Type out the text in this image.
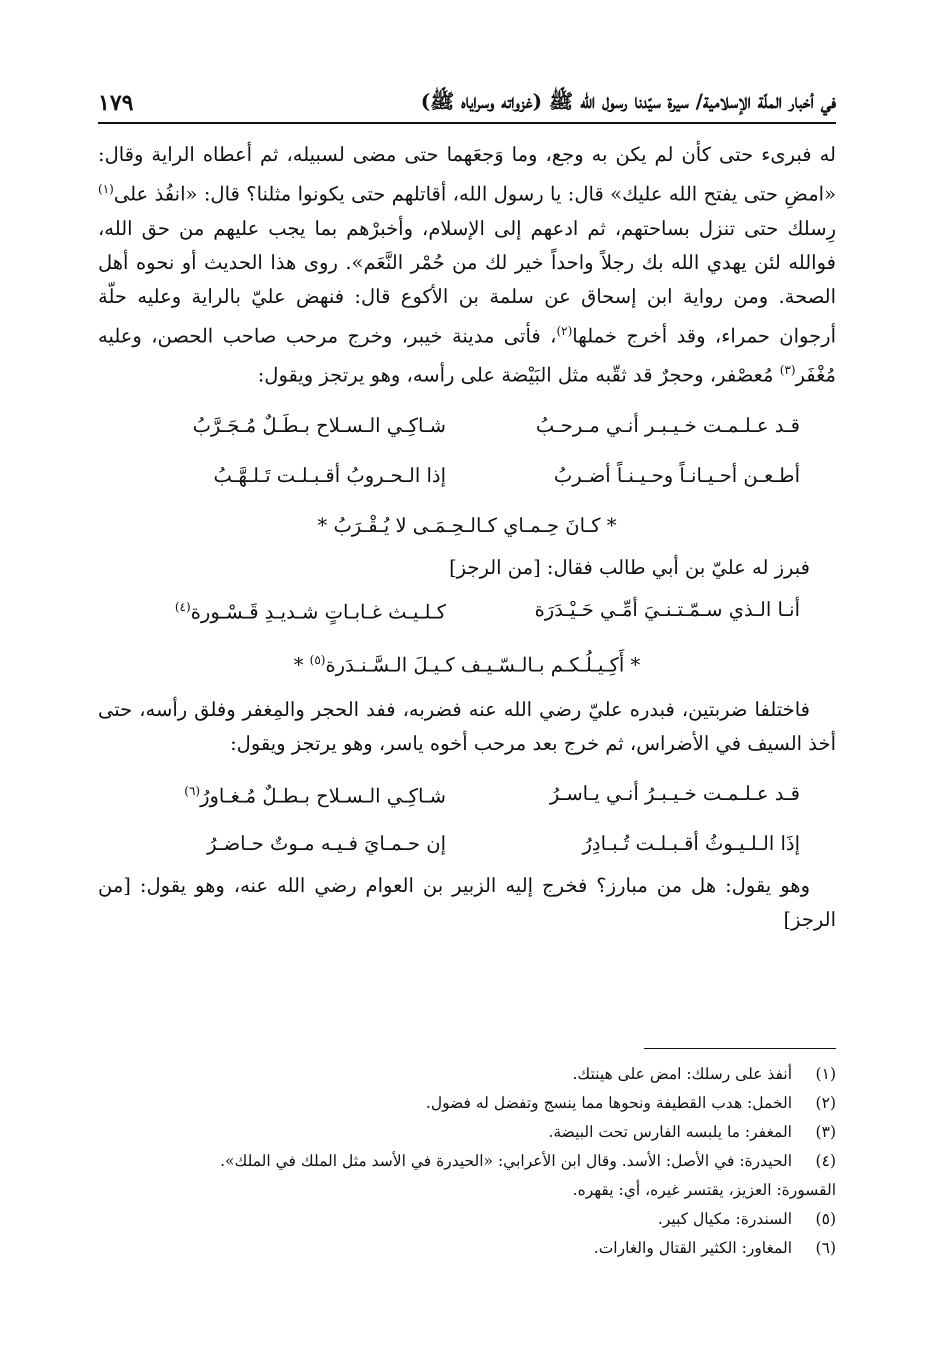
في أخبار الملّة الإسلامية/ سيرة سيّدنا رسول الله ﷺ (غزواته وسراياه ﷺ)
١٧٩

له فبرىء حتى كأن لم يكن به وجع، وما وَجعَهما حتى مضى لسبيله، ثم أعطاه الراية وقال: «امضِ حتى يفتح الله عليك» قال: يا رسول الله، أقاتلهم حتى يكونوا مثلنا؟ قال: «انفُذ على$^{(١)}$ رِسلك حتى تنزل بساحتهم، ثم ادعهم إلى الإسلام، وأخبرْهم بما يجب عليهم من حق الله، فوالله لئن يهدي الله بك رجلاً واحداً خير لك من حُمْر النَّعَم». روى هذا الحديث أو نحوه أهل الصحة. ومن رواية ابن إسحاق عن سلمة بن الأكوع قال: فنهض عليّ بالراية وعليه حلّة أرجوان حمراء، وقد أخرج خملها$^{(٢)}$، فأتى مدينة خيبر، وخرج مرحب صاحب الحصن، وعليه مُغْفَر$^{(٣)}$ مُعصْفر، وحجرٌ قد ثقّبه مثل البَيْضة على رأسه، وهو يرتجز ويقول:

قـد عـلـمـت خـيـبـر أنـي مـرحـبُ
شـاكِـي الـسـلاح بـطَـلٌ مُـجَـرَّبُ
أطـعـن أحـيـانـاً وحـيـنـاً أضـربُ
إذا الـحـروبُ أقـبـلـت تَـلـهَّـبُ
* كـانَ حِـمـاي كـالـحِـمَـى لا يُـقْـرَبُ *

فبرز له عليّ بن أبي طالب فقال: [من الرجز]

أنـا الـذي سـمّـتـنـيَ أمِّـي حَـيْـدَرَة
كـلـيـث غـابـاتٍ شـديـدِ قَـسْـورة$^{(٤)}$
* أَكِـيـلُـكـم بـالـسّـيـف كـيـلَ الـسَّـنـدَرة$^{(٥)}$ *

فاختلفا ضربتين، فبدره عليّ رضي الله عنه فضربه، ففد الحجر والمِغفر وفلق رأسه، حتى أخذ السيف في الأضراس، ثم خرج بعد مرحب أخوه ياسر، وهو يرتجز ويقول:

قـد عـلـمـت خـيـبـرُ أنـي يـاسـرُ
شـاكِـي الـسـلاح بـطـلٌ مُـغـاورُ$^{(٦)}$
إذَا الـلـيـوثُ أقـبـلـت تُـبـادِرُ
إن حـمـايَ فـيـه مـوتٌ حـاضـرُ

وهو يقول: هل من مبارز؟ فخرج إليه الزبير بن العوام رضي الله عنه، وهو يقول: [من الرجز]

(١)
أنفذ على رسلك: امض على هينتك.
(٢)
الخمل: هدب القطيفة ونحوها مما ينسج وتفضل له فضول.
(٣)
المغفر: ما يلبسه الفارس تحت البيضة.
(٤)
الحيدرة: في الأصل: الأسد. وقال ابن الأعرابي: «الحيدرة في الأسد مثل الملك في الملك».
القسورة: العزيز، يقتسر غيره، أي: يقهره.
(٥)
السندرة: مكيال كبير.
(٦)
المغاور: الكثير القتال والغارات.
